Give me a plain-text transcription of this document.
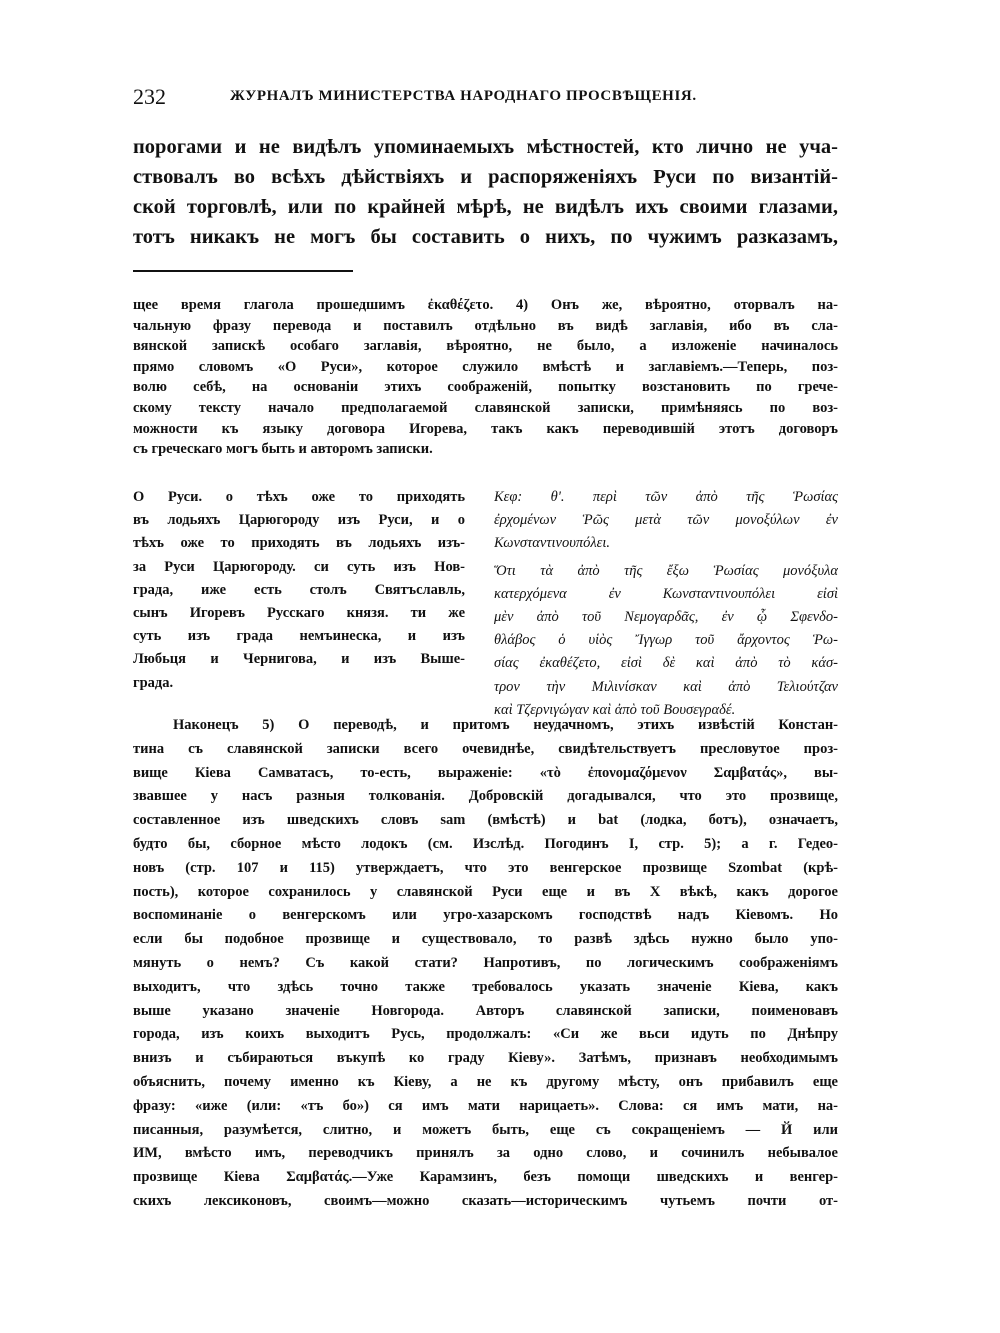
232	ЖУРНАЛЪ МИНИСТЕРСТВА НАРОДНАГО ПРОСВѢЩЕНІЯ.
порогами и не видѣлъ упоминаемыхъ мѣстностей, кто лично не уча-
ствовалъ во всѣхъ дѣйствіяхъ и распоряженіяхъ Руси по византій-
ской торговлѣ, или по крайней мѣрѣ, не видѣлъ ихъ своими глазами,
тотъ никакъ не могъ бы составить о нихъ, по чужимъ разказамъ,
щее время глагола прошедшимъ ἐκαθέζετο. 4) Онъ же, вѣроятно, оторвалъ на-
чальную фразу перевода и поставилъ отдѣльно въ видѣ заглавія, ибо въ сла-
вянской запискѣ особаго заглавія, вѣроятно, не было, а изложеніе начиналось
прямо словомъ «О Руси», которое служило вмѣстѣ и заглавіемъ.—Теперь, поз-
волю себѣ, на основаніи этихъ соображеній, попытку возстановить по грече-
скому тексту начало предполагаемой славянской записки, примѣняясь по воз-
можности къ языку договора Игорева, такъ какъ переводившій этотъ договоръ
съ греческаго могъ быть и авторомъ записки.
О Руси. о тѣхъ оже то приходять
въ лодьяхъ Царюгороду изъ Руси, и о
тѣхъ оже то приходять въ лодьяхъ изъ-
за Руси Царюгороду. си суть изъ Нов-
града, иже есть столъ Святъславль,
сынъ Игоревъ Русскаго князя. ти же
суть изъ града немъинеска, и изъ
Любьця и Чернигова, и изъ Вышe-
града.
Κεφ: θ'. περὶ τῶν ἀπὸ τῆς Ῥωσίας
ἐρχομένων Ῥῶς μετὰ τῶν μονοξύλων ἐν
Κωνσταντινουπόλει.
Ὅτι τὰ ἀπὸ τῆς ἔξω Ῥωσίας μονόξυλα
κατερχόμενα ἐν Κωνσταντινουπόλει εἰσὶ
μὲν ἀπὸ τοῦ Νεμογαρδᾶς, ἐν ᾧ Σφενδο-
θλάβος ὁ υἱὸς Ἴγγωρ τοῦ ἄρχοντος Ῥω-
σίας ἐκαθέζετο, εἰσὶ δὲ καὶ ἀπὸ τὸ κάσ-
τρον τὴν Μιλινίσκαν καὶ ἀπὸ Τελιούτζαν
καὶ Τζερνιγώγαν καὶ ἀπὸ τοῦ Βουσεγραδέ.
Наконецъ 5) О переводѣ, и притомъ неудачномъ, этихъ извѣстій Констан-
тина съ славянской записки всего очевиднѣе, свидѣтельствуетъ пресловутое проз-
вище Кіева Самватасъ, то-есть, выраженіе: «τὸ ἐπονομαζόμενον Σαμβατάς», вы-
звавшее у насъ разныя толкованія. Добровскій догадывался, что это прозвище,
составленное изъ шведскихъ словъ sam (вмѣстѣ) и bat (лодка, ботъ), означаетъ,
будто бы, сборное мѣсто лодокъ (см. Изслѣд. Погодинъ I, стр. 5); а г. Гедео-
новъ (стр. 107 и 115) утверждаетъ, что это венгерское прозвище Szombat (крѣ-
пость), которое сохранилось у славянской Руси еще и въ X вѣкѣ, какъ дорогое
воспоминаніе о венгерскомъ или угро-хазарскомъ господствѣ надъ Кіевомъ. Но
если бы подобное прозвище и существовало, то развѣ здѣсь нужно было упо-
мянуть о немъ? Съ какой стати? Напротивъ, по логическимъ соображеніямъ
выходитъ, что здѣсь точно также требовалось указать значеніе Кіева, какъ
выше указано значеніе Новгорода. Авторъ славянской записки, поименовавъ
города, изъ коихъ выходитъ Русь, продолжалъ: «Си же вьси идуть по Днѣпру
внизъ и събираються въкупѣ ко граду Кіеву». Затѣмъ, признавъ необходимымъ
объяснить, почему именно къ Кіеву, а не къ другому мѣсту, онъ прибавилъ еще
фразу: «иже (или: «тъ бо») ся имъ мати нарицаеть». Слова: ся имъ мати, на-
писанныя, разумѣется, слитно, и можетъ быть, еще съ сокращеніемъ — Й или
ИМ, вмѣсто имъ, переводчикъ принялъ за одно слово, и сочинилъ небывалое
прозвище Кіева Σαμβατάς.—Уже Карамзинъ, безъ помощи шведскихъ и венгер-
скихъ лексиконовъ, своимъ—можно сказать—историческимъ чутьемъ почти от-
